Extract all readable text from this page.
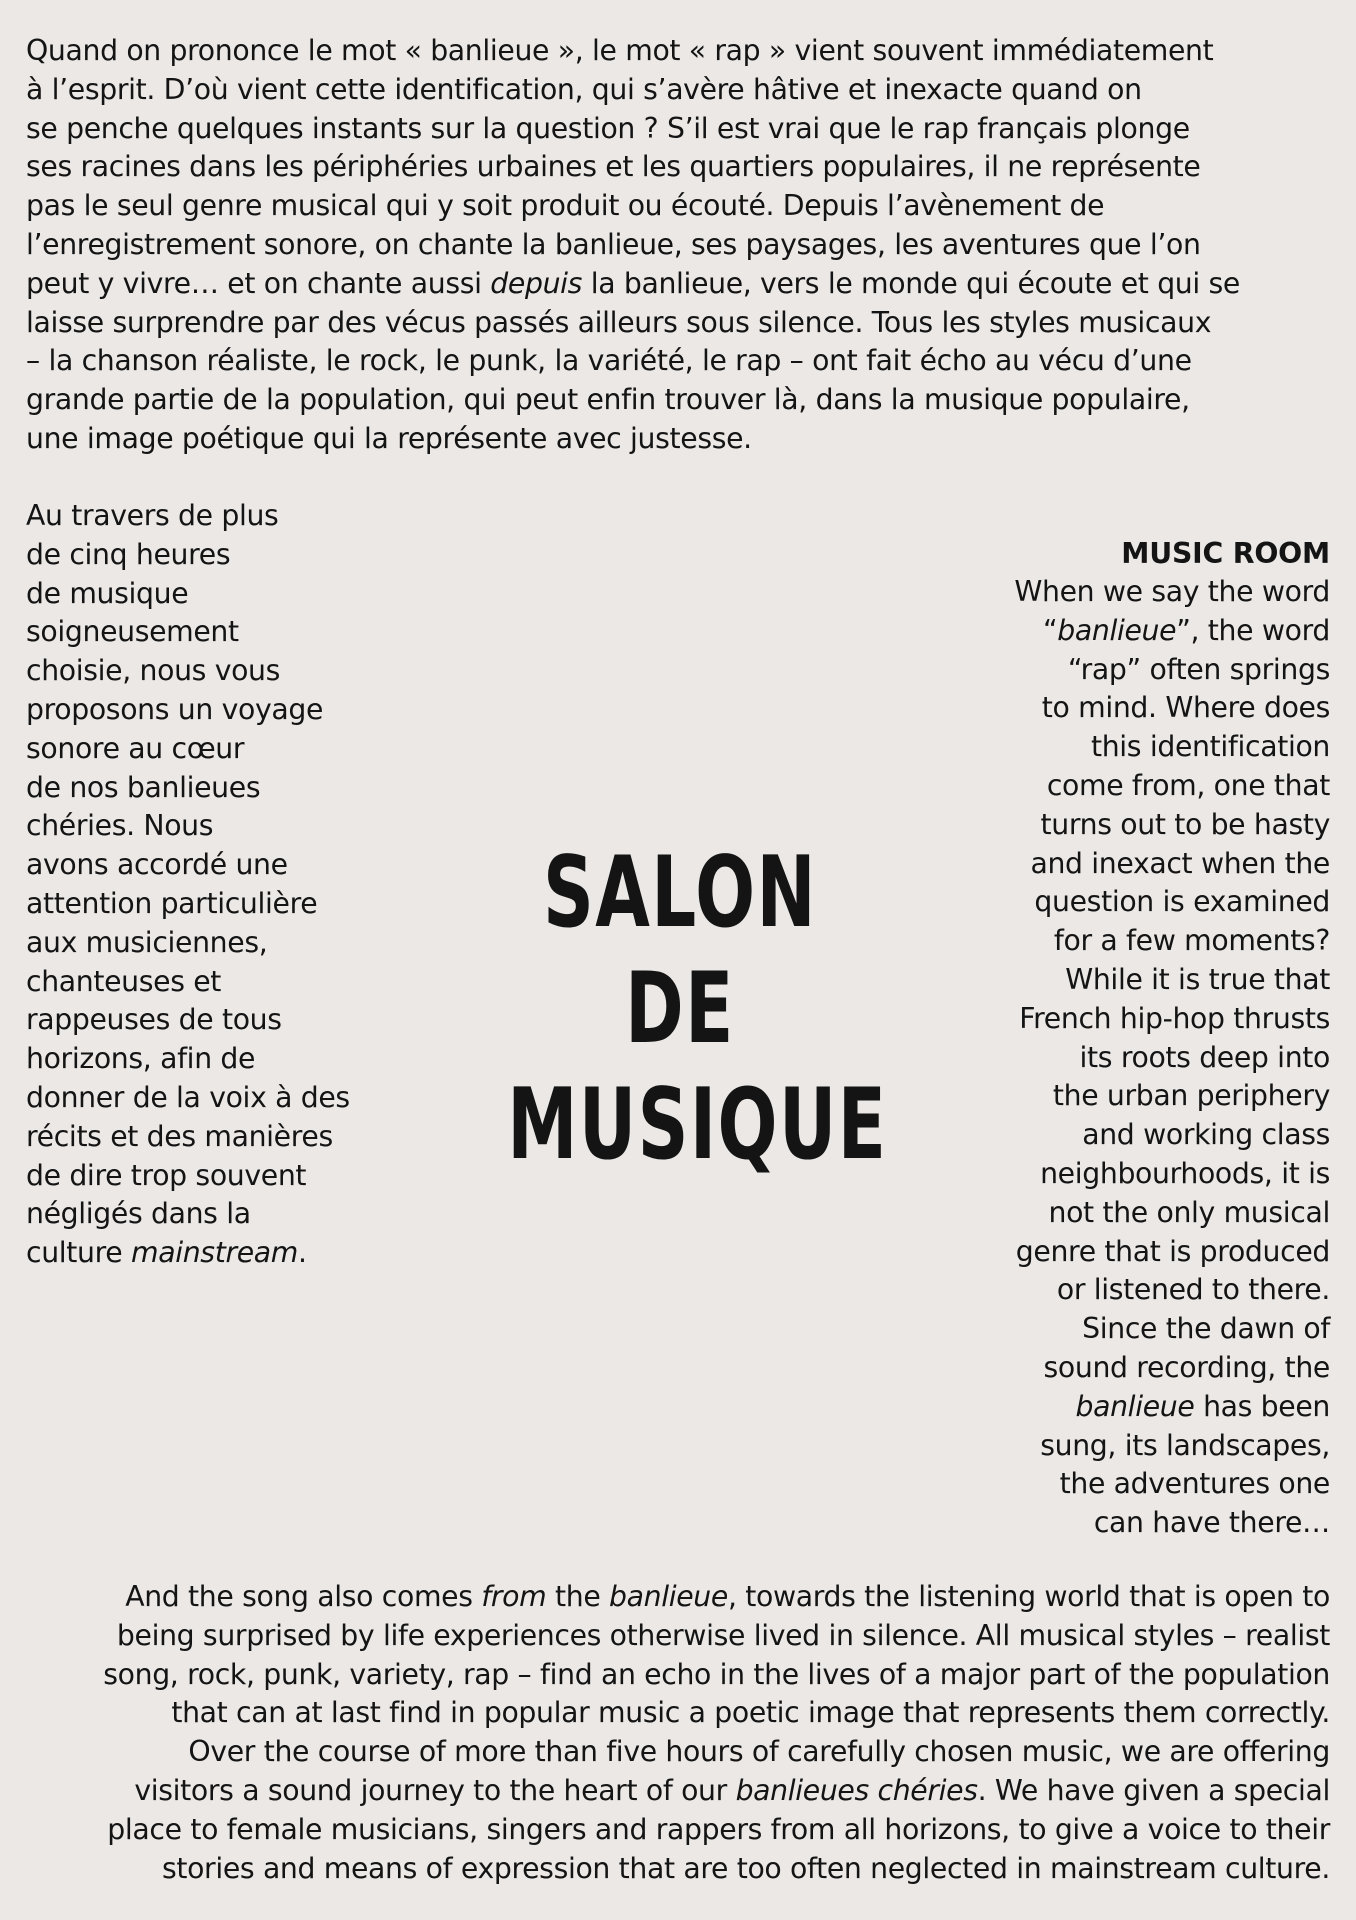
Quand on prononce le mot « banlieue », le mot « rap » vient souvent immédiatement
à l’esprit. D’où vient cette identification, qui s’avère hâtive et inexacte quand on
se penche quelques instants sur la question ? S’il est vrai que le rap français plonge
ses racines dans les périphéries urbaines et les quartiers populaires, il ne représente
pas le seul genre musical qui y soit produit ou écouté. Depuis l’avènement de
l’enregistrement sonore, on chante la banlieue, ses paysages, les aventures que l’on
peut y vivre… et on chante aussi depuis la banlieue, vers le monde qui écoute et qui se
laisse surprendre par des vécus passés ailleurs sous silence. Tous les styles musicaux
– la chanson réaliste, le rock, le punk, la variété, le rap – ont fait écho au vécu d’une
grande partie de la population, qui peut enfin trouver là, dans la musique populaire,
une image poétique qui la représente avec justesse.
Au travers de plus
de cinq heures
de musique
soigneusement
choisie, nous vous
proposons un voyage
sonore au cœur
de nos banlieues
chéries. Nous
avons accordé une
attention particulière
aux musiciennes,
chanteuses et
rappeuses de tous
horizons, afin de
donner de la voix à des
récits et des manières
de dire trop souvent
négligés dans la
culture mainstream.
SALON DE
MUSIQUE
MUSIC ROOM
When we say the word
“banlieue”, the word
“rap” often springs
to mind. Where does
this identification
come from, one that
turns out to be hasty
and inexact when the
question is examined
for a few moments?
While it is true that
French hip-hop thrusts
its roots deep into
the urban periphery
and working class
neighbourhoods, it is
not the only musical
genre that is produced
or listened to there.
Since the dawn of
sound recording, the
banlieue has been
sung, its landscapes,
the adventures one
can have there…
And the song also comes from the banlieue, towards the listening world that is open to
being surprised by life experiences otherwise lived in silence. All musical styles – realist
song, rock, punk, variety, rap – find an echo in the lives of a major part of the population
that can at last find in popular music a poetic image that represents them correctly.
Over the course of more than five hours of carefully chosen music, we are offering
visitors a sound journey to the heart of our banlieues chéries. We have given a special
place to female musicians, singers and rappers from all horizons, to give a voice to their
stories and means of expression that are too often neglected in mainstream culture.
